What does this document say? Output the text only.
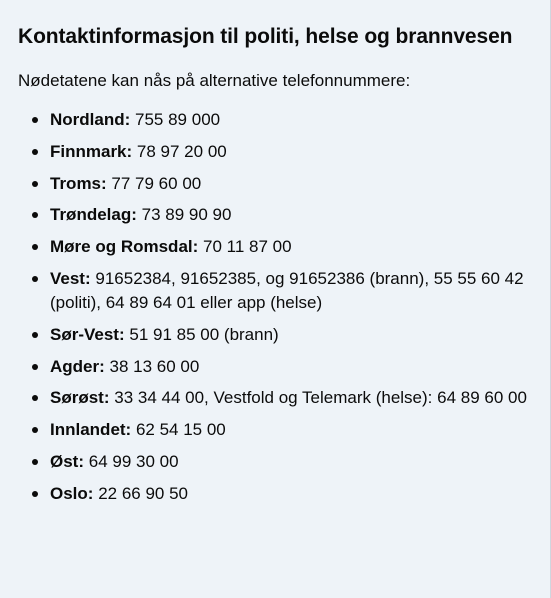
Kontaktinformasjon til politi, helse og brannvesen

Nødetatene kan nås på alternative telefonnummere:

Nordland: 755 89 000
Finnmark: 78 97 20 00
Troms: 77 79 60 00
Trøndelag: 73 89 90 90
Møre og Romsdal: 70 11 87 00
Vest: 91652384, 91652385, og 91652386 (brann), 55 55 60 42 (politi), 64 89 64 01 eller app (helse)
Sør-Vest: 51 91 85 00 (brann)
Agder: 38 13 60 00
Sørøst: 33 34 44 00, Vestfold og Telemark (helse): 64 89 60 00
Innlandet: 62 54 15 00
Øst: 64 99 30 00
Oslo: 22 66 90 50
